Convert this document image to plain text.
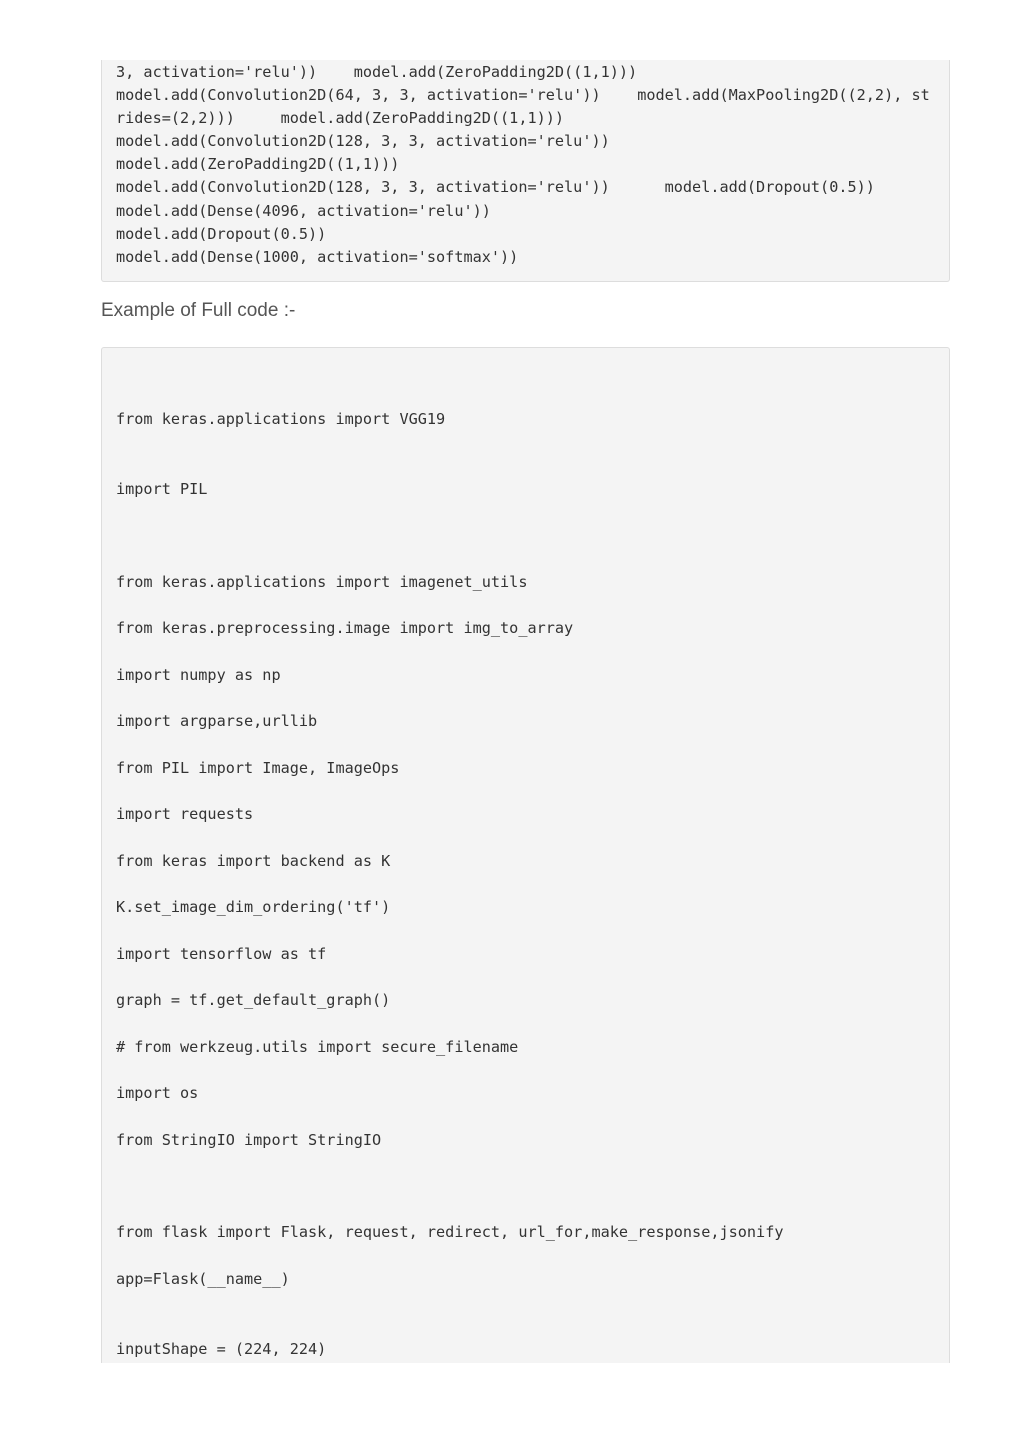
3, activation='relu'))    model.add(ZeroPadding2D((1,1)))
model.add(Convolution2D(64, 3, 3, activation='relu'))    model.add(MaxPooling2D((2,2), st
rides=(2,2)))     model.add(ZeroPadding2D((1,1)))
model.add(Convolution2D(128, 3, 3, activation='relu'))
model.add(ZeroPadding2D((1,1)))
model.add(Convolution2D(128, 3, 3, activation='relu'))      model.add(Dropout(0.5))
model.add(Dense(4096, activation='relu'))
model.add(Dropout(0.5))
model.add(Dense(1000, activation='softmax'))

Example of Full code :-

from keras.applications import VGG19
import PIL
from keras.applications import imagenet_utils
from keras.preprocessing.image import img_to_array
import numpy as np
import argparse,urllib
from PIL import Image, ImageOps
import requests
from keras import backend as K
K.set_image_dim_ordering('tf')
import tensorflow as tf
graph = tf.get_default_graph()
# from werkzeug.utils import secure_filename
import os
from StringIO import StringIO
from flask import Flask, request, redirect, url_for,make_response,jsonify
app=Flask(__name__)
inputShape = (224, 224)
